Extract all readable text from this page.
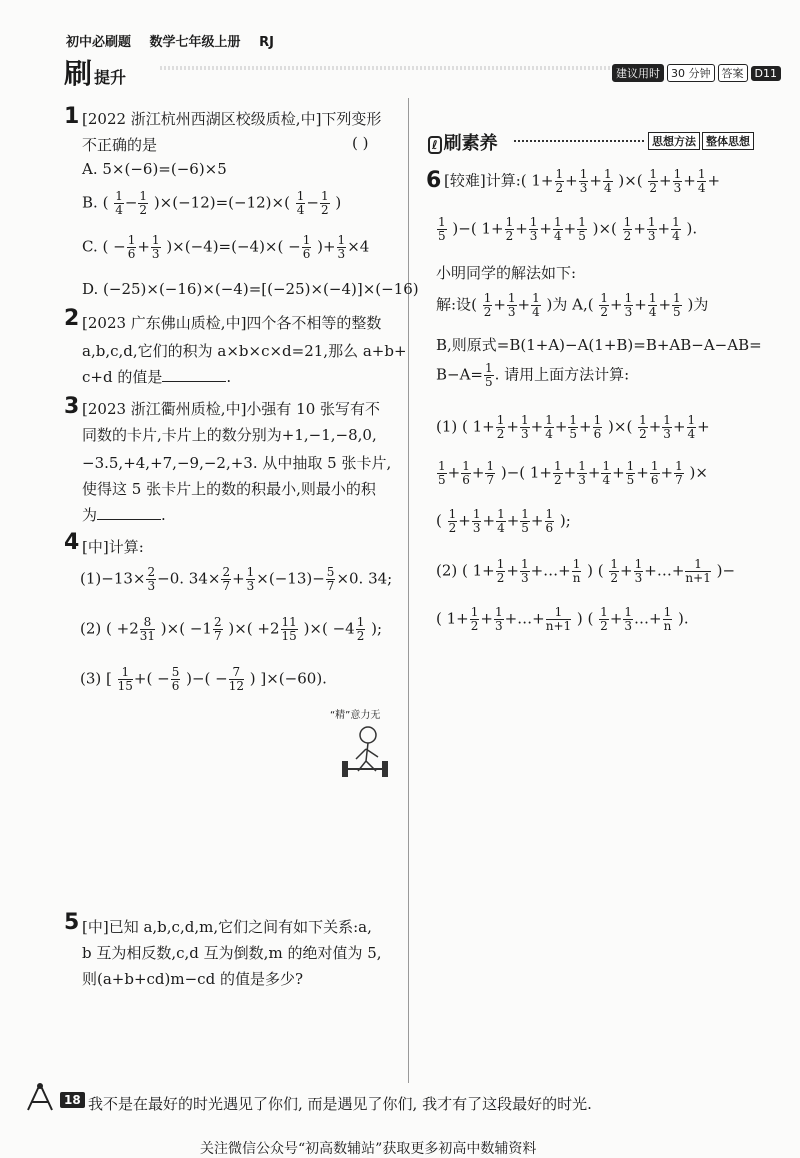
初中必刷题 数学七年级上册 RJ
刷提升	建议用时	30 分钟	答案	D11
1 [2022 浙江杭州西湖区校级质检,中]下列变形
不正确的是	( )
A. 5×(−6)=(−6)×5
B. ( $\frac{1}{4} - \frac{1}{2} )\times(-12)=(-12)\times( \frac{1}{4} - \frac{1}{2}$ )
C. ( − $\frac{1}{6} + \frac{1}{3} )\times(-4)=(-4)\times( - \frac{1}{6}$ )+ $\frac{1}{3} \times 4$
D. (−25)×(−16)×(−4)=[(−25)×(−4)]×(−16)
2 [2023 广东佛山质检,中]四个各不相等的整数
a,b,c,d,它们的积为 a×b×c×d=21,那么 a+b+
c+d 的值是	.
3 [2023 浙江衢州质检,中]小强有 10 张写有不
同数的卡片,卡片上的数分别为+1,−1,−8,0,
−3.5,+4,+7,−9,−2,+3. 从中抽取 5 张卡片,
使得这 5 张卡片上的数的积最小,则最小的积
为	.
4 [中]计算:
$(1)-13\times \frac{2}{3} -0$. $34\times \frac{2}{7} + \frac{1}{3} \times(-13)- \frac{5}{7} \times 0$. 34;
(2) ( $+2 \frac{8}{31}$ )×( $-1 \frac{2}{7}$ )×( $+2 \frac{11}{15}$ )×( $-4 \frac{1}{2}$ );
(3) [ $\frac{1}{15}$ +( − $\frac{5}{6}$ )−( − $\frac{7}{12}$ ) ]×(−60).
“精”意力无
5 [中]已知 a,b,c,d,m,它们之间有如下关系:a,
b 互为相反数,c,d 互为倒数,m 的绝对值为 5,
则(a+b+cd)m−cd 的值是多少?
ℓ 刷素养	思想方法 整体思想
6 [较难]计算:( $1+ \frac{1}{2} + \frac{1}{3} + \frac{1}{4}$ )×( $\frac{1}{2} + \frac{1}{3} + \frac{1}{4}$ +
$\frac{1}{5}$ )−( $1+ \frac{1}{2} + \frac{1}{3} + \frac{1}{4} + \frac{1}{5}$ )×( $\frac{1}{2} + \frac{1}{3} + \frac{1}{4}$ ).
小明同学的解法如下:
解:设( $\frac{1}{2} + \frac{1}{3} + \frac{1}{4}$ )为 $A,( \frac{1}{2} + \frac{1}{3} + \frac{1}{4} + \frac{1}{5}$ )为
B,则原式=B(1+A)−A(1+B)=B+AB−A−AB=
$B-A= \frac{1}{5}$ . 请用上面方法计算:
(1) ( $1+ \frac{1}{2} + \frac{1}{3} + \frac{1}{4} + \frac{1}{5} + \frac{1}{6}$ )×( $\frac{1}{2} + \frac{1}{3} + \frac{1}{4}$ +
$\frac{1}{5} + \frac{1}{6} + \frac{1}{7}$ )−( $1+ \frac{1}{2} + \frac{1}{3} + \frac{1}{4} + \frac{1}{5} + \frac{1}{6} + \frac{1}{7}$ )×
( $\frac{1}{2} + \frac{1}{3} + \frac{1}{4} + \frac{1}{5} + \frac{1}{6}$ );
(2) ( $1+ \frac{1}{2} + \frac{1}{3}$ +…+ $\frac{1}{n}$ ) ( $\frac{1}{2} + \frac{1}{3}$ +…+ $\frac{1}{n+1}$ )−
( $1+ \frac{1}{2} + \frac{1}{3}$ +…+ $\frac{1}{n+1}$ ) ( $\frac{1}{2} + \frac{1}{3}$ …+ $\frac{1}{n}$ ).
18 我不是在最好的时光遇见了你们, 而是遇见了你们, 我才有了这段最好的时光.
关注微信公众号“初高数辅站”获取更多初高中数辅资料
